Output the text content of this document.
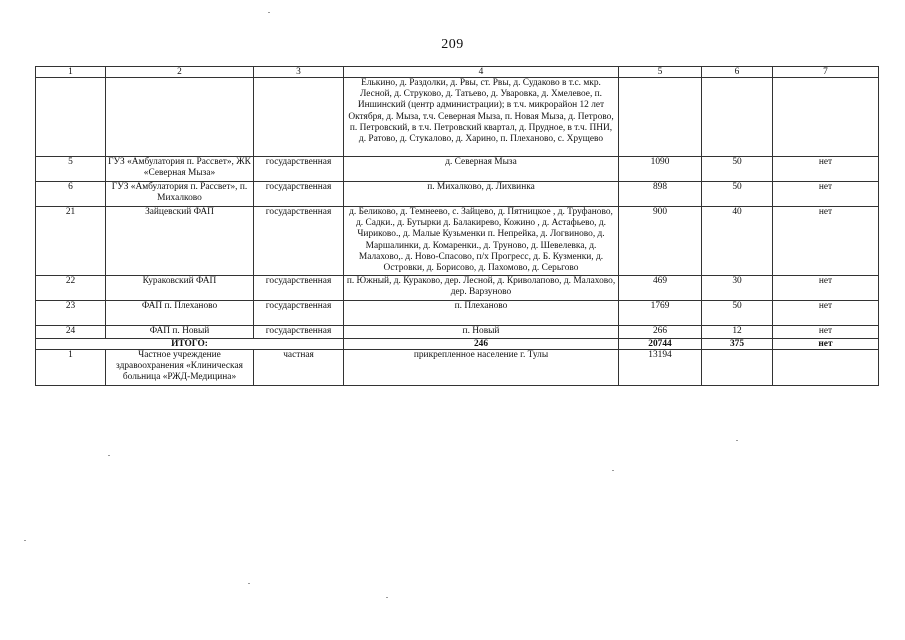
209
1	2	3	4	5	6	7
			Елькино, д. Раздолки, д. Рвы, ст. Рвы, д. Судаково в т.с. мкр. Лесной, д. Струково, д. Татьево, д. Уваровка, д. Хмелевое, п. Иншинский (центр администрации); в т.ч. микрорайон 12 лет Октября, д. Мыза, т.ч. Северная Мыза, п. Новая Мыза, д. Петрово, п. Петровский, в т.ч. Петровский квартал, д. Прудное, в т.ч. ПНИ, д. Ратово, д. Стукалово, д. Харино, п. Плеханово, с. Хрущево			
5	ГУЗ «Амбулатория п. Рассвет», ЖК «Северная Мыза»	государственная	д. Северная Мыза	1090	50	нет
6	ГУЗ «Амбулатория п. Рассвет», п. Михалково	государственная	п. Михалково, д. Лихвинка	898	50	нет
21	Зайцевский ФАП	государственная	д. Беликово, д. Темнеево, с. Зайцево, д. Пятницкое , д. Труфаново, д. Садки., д. Бутырки д. Балакирево, Кожино , д. Астафьево, д. Чириково., д. Малые Кузьменки п. Непрейка, д. Логвиново, д. Маршалинки, д. Комаренки., д. Труново, д. Шевелевка, д. Малахово,. д. Ново-Спасово, п/х Прогресс, д. Б. Кузменки, д. Островки, д. Борисово, д. Пахомово, д. Серьгово	900	40	нет
22	Кураковский ФАП	государственная	п. Южный, д. Кураково, дер. Лесной, д. Криволапово, д. Малахово, дер. Варзуново	469	30	нет
23	ФАП п. Плеханово	государственная	п. Плеханово	1769	50	нет
24	ФАП п. Новый	государственная	п. Новый	266	12	нет
ИТОГО:			246	20744	375	нет
1	Частное учреждение здравоохранения «Клиническая больница «РЖД-Медицина»	частная	прикрепленное население г. Тулы	13194		
